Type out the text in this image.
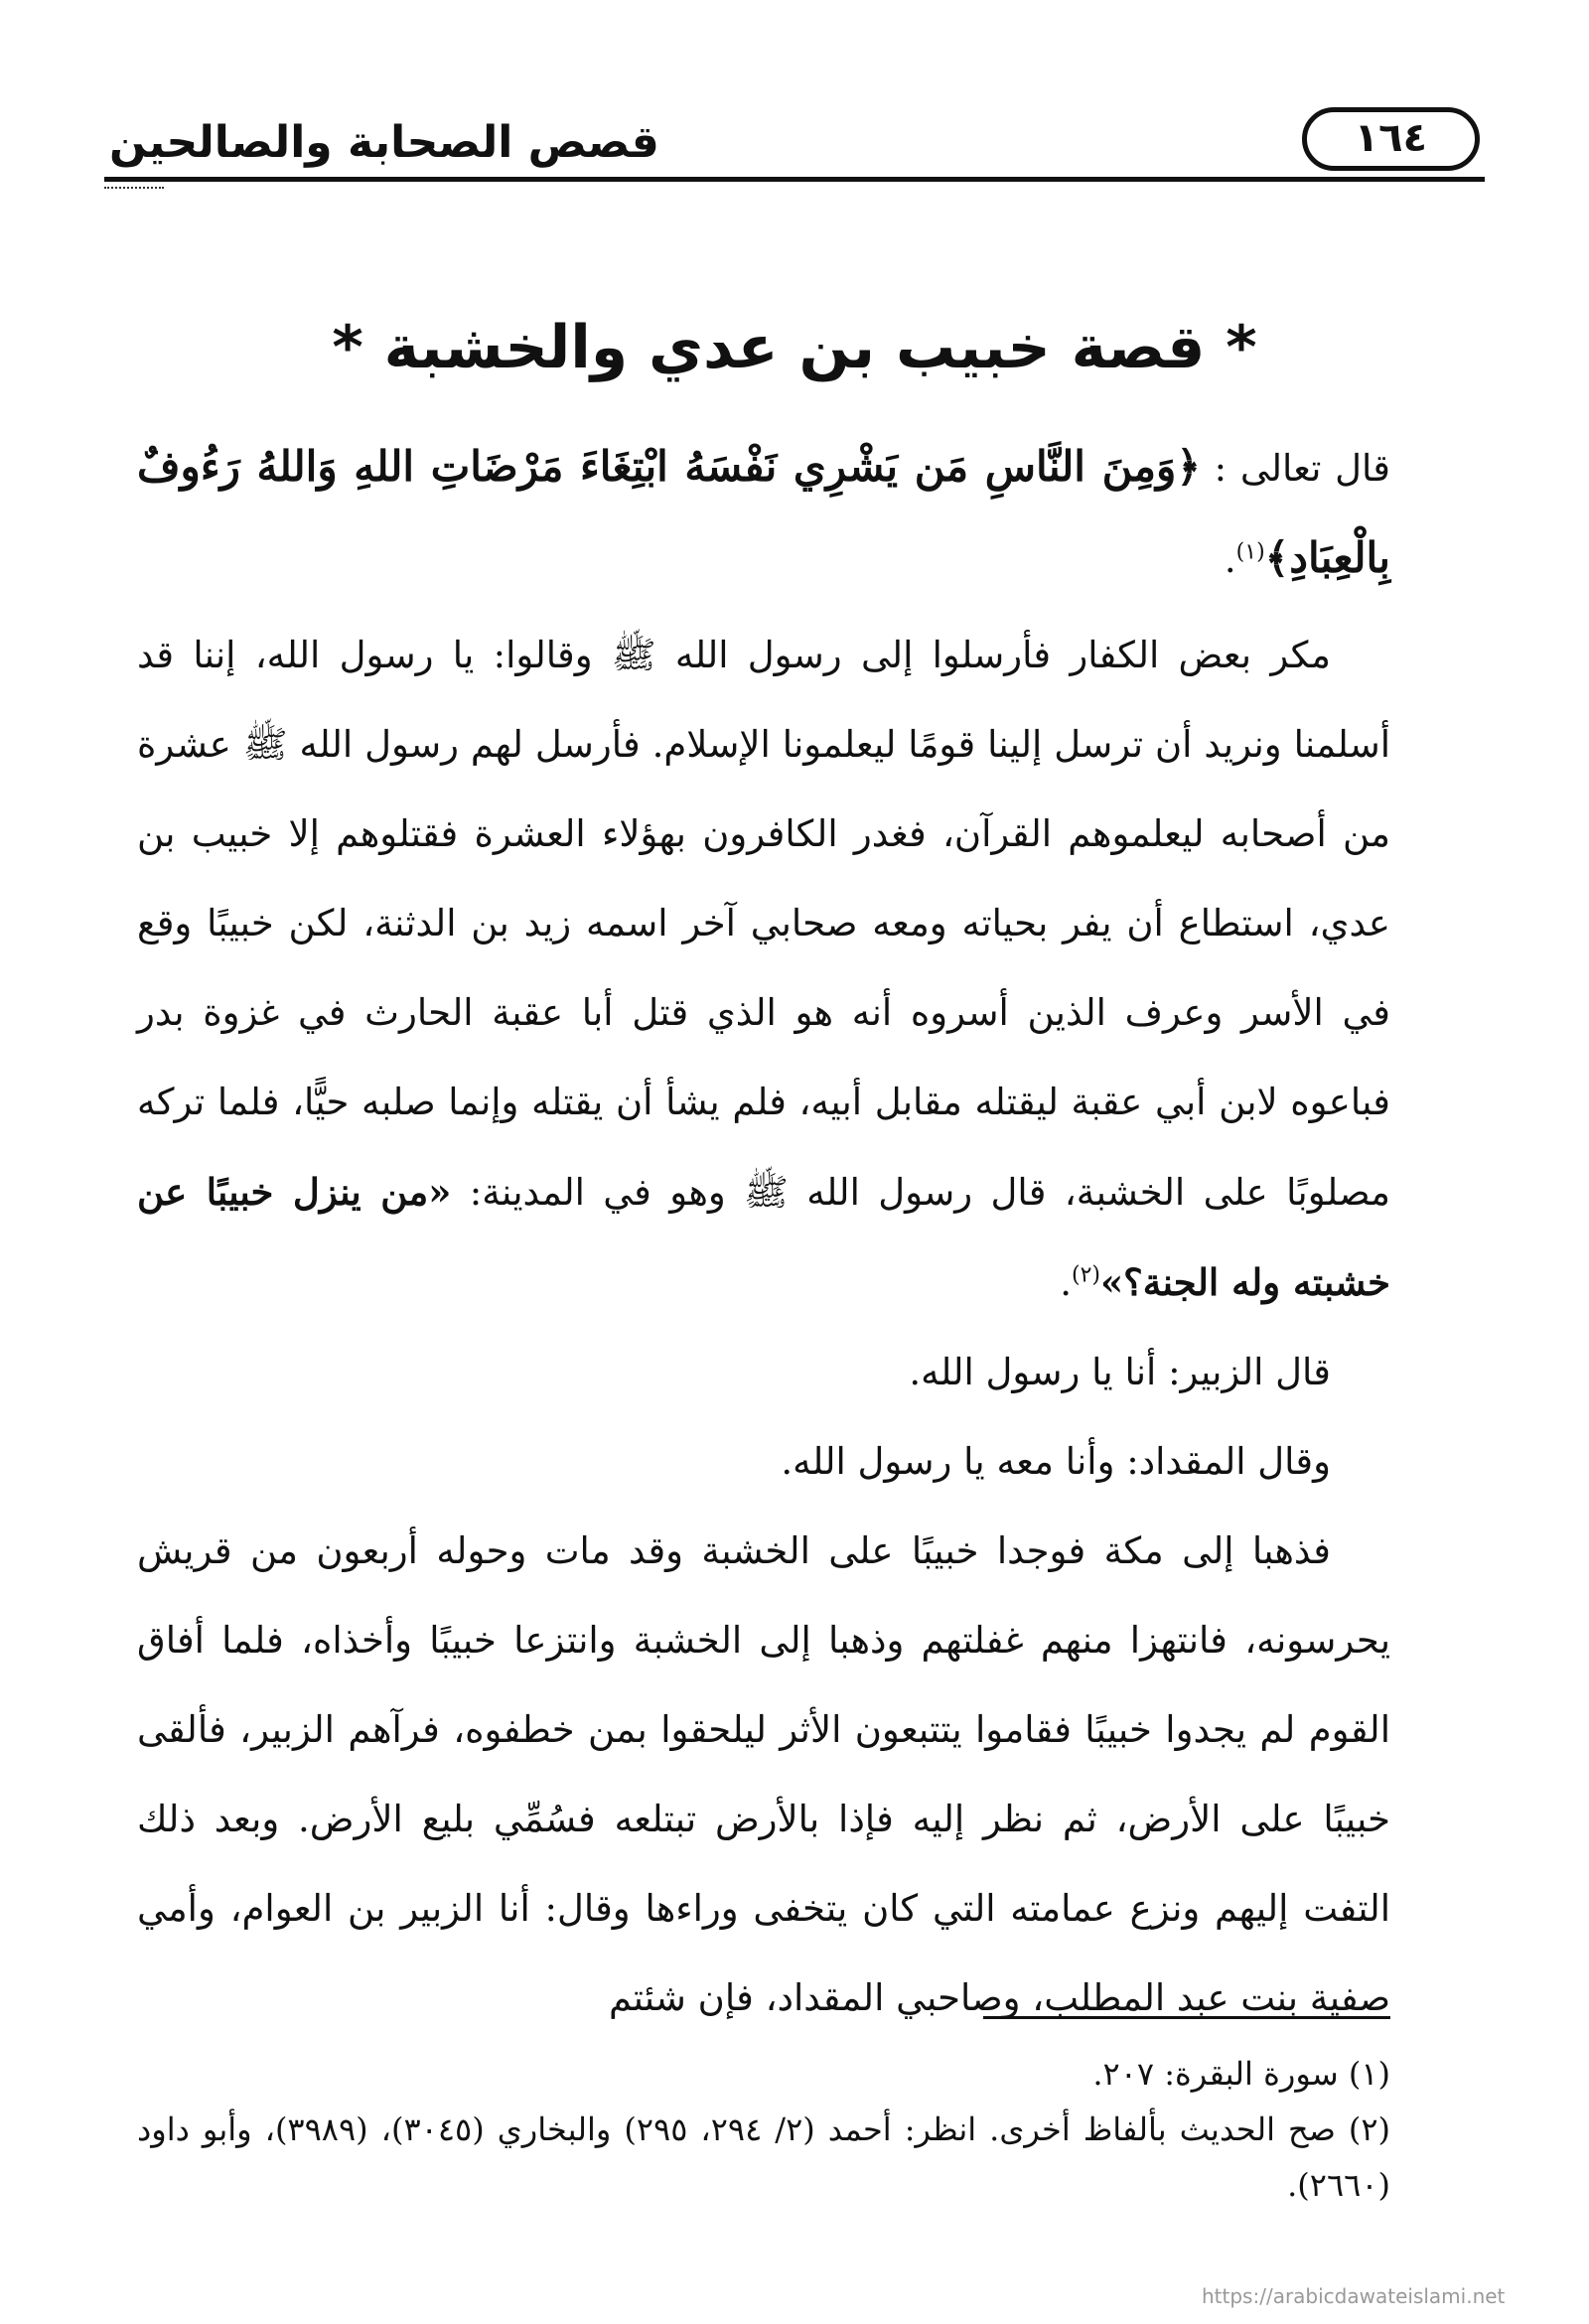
١٦٤
قصص الصحابة والصالحين
* قصة خبيب بن عدي والخشبة *

قال تعالى : ﴿وَمِنَ النَّاسِ مَن يَشْرِي نَفْسَهُ ابْتِغَاءَ مَرْضَاتِ اللهِ وَاللهُ رَءُوفٌ بِالْعِبَادِ﴾$^{(١)}$.

مكر بعض الكفار فأرسلوا إلى رسول الله ﷺ وقالوا: يا رسول الله، إننا قد أسلمنا ونريد أن ترسل إلينا قومًا ليعلمونا الإسلام. فأرسل لهم رسول الله ﷺ عشرة من أصحابه ليعلموهم القرآن، فغدر الكافرون بهؤلاء العشرة فقتلوهم إلا خبيب بن عدي، استطاع أن يفر بحياته ومعه صحابي آخر اسمه زيد بن الدثنة، لكن خبيبًا وقع في الأسر وعرف الذين أسروه أنه هو الذي قتل أبا عقبة الحارث في غزوة بدر فباعوه لابن أبي عقبة ليقتله مقابل أبيه، فلم يشأ أن يقتله وإنما صلبه حيًّا، فلما تركه مصلوبًا على الخشبة، قال رسول الله ﷺ وهو في المدينة: «من ينزل خبيبًا عن خشبته وله الجنة؟»$^{(٢)}$.

قال الزبير: أنا يا رسول الله.

وقال المقداد: وأنا معه يا رسول الله.

فذهبا إلى مكة فوجدا خبيبًا على الخشبة وقد مات وحوله أربعون من قريش يحرسونه، فانتهزا منهم غفلتهم وذهبا إلى الخشبة وانتزعا خبيبًا وأخذاه، فلما أفاق القوم لم يجدوا خبيبًا فقاموا يتتبعون الأثر ليلحقوا بمن خطفوه، فرآهم الزبير، فألقى خبيبًا على الأرض، ثم نظر إليه فإذا بالأرض تبتلعه فسُمِّي بليع الأرض. وبعد ذلك التفت إليهم ونزع عمامته التي كان يتخفى وراءها وقال: أنا الزبير بن العوام، وأمي صفية بنت عبد المطلب، وصاحبي المقداد، فإن شئتم

(١) سورة البقرة: ٢٠٧.

(٢) صح الحديث بألفاظ أخرى. انظر: أحمد (٢/ ٢٩٤، ٢٩٥) والبخاري (٣٠٤٥)، (٣٩٨٩)، وأبو داود (٢٦٦٠).

https://arabicdawateislami.net
